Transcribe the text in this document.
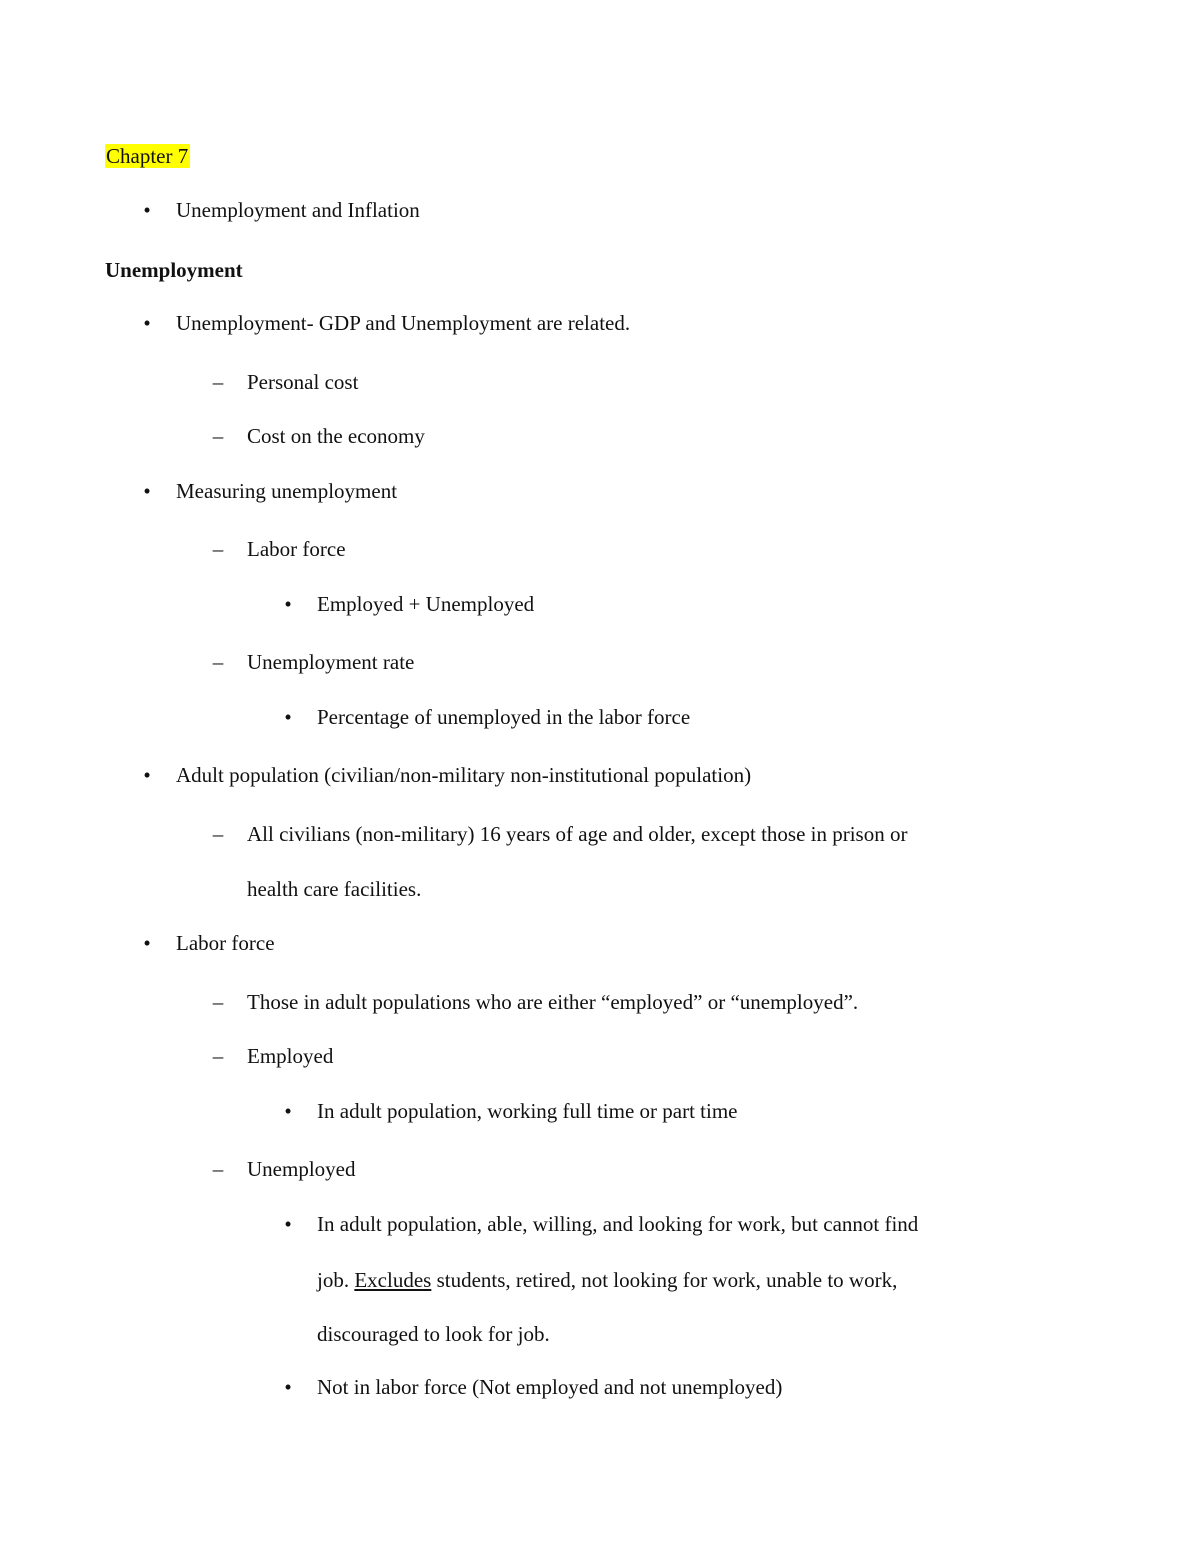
Chapter 7
• Unemployment and Inflation
Unemployment
• Unemployment- GDP and Unemployment are related.
– Personal cost
– Cost on the economy
• Measuring unemployment
– Labor force
• Employed + Unemployed
– Unemployment rate
• Percentage of unemployed in the labor force
• Adult population (civilian/non-military non-institutional population)
– All civilians (non-military) 16 years of age and older, except those in prison or
health care facilities.
• Labor force
– Those in adult populations who are either “employed” or “unemployed”.
– Employed
• In adult population, working full time or part time
– Unemployed
• In adult population, able, willing, and looking for work, but cannot find
job. Excludes students, retired, not looking for work, unable to work,
discouraged to look for job.
• Not in labor force (Not employed and not unemployed)
